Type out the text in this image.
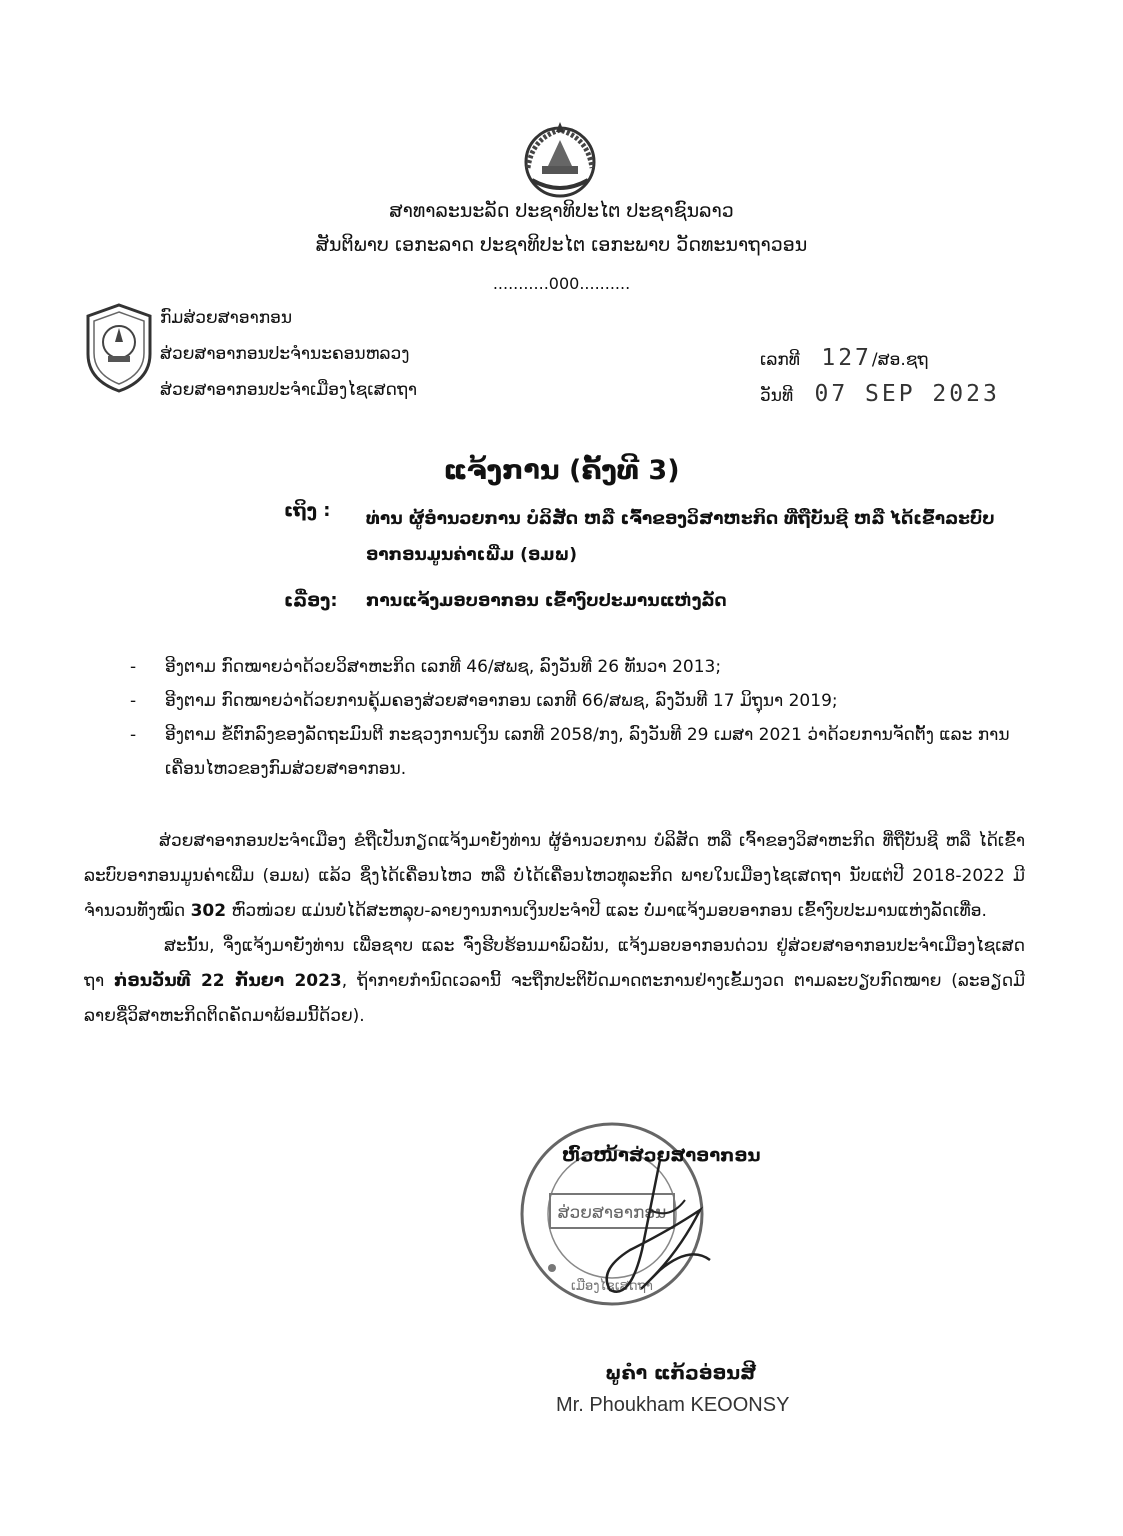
ສາທາລະນະລັດ ປະຊາທິປະໄຕ ປະຊາຊົນລາວ
ສັນຕິພາບ ເອກະລາດ ປະຊາທິປະໄຕ ເອກະພາບ ວັດທະນາຖາວອນ
...........000..........
ກົມສ່ວຍສາອາກອນ
ສ່ວຍສາອາກອນປະຈຳນະຄອນຫລວງ
ສ່ວຍສາອາກອນປະຈຳເມືອງໄຊເສດຖາ
ເລກທີ 127/ສອ.ຊຖ
ວັນທີ 07 SEP 2023
ແຈ້ງການ (ຄັ້ງທີ 3)
ເຖິງ : ທ່ານ ຜູ້ອຳນວຍການ ບໍລິສັດ ຫລື ເຈົ້າຂອງວິສາຫະກິດ ທີ່ຖືບັນຊີ ຫລື ໄດ້ເຂົ້າລະບົບອາກອນມູນຄ່າເພີ່ມ (ອມພ)
ເລື່ອງ: ການແຈ້ງມອບອາກອນ ເຂົ້າງົບປະມານແຫ່ງລັດ
- ອີງຕາມ ກົດໝາຍວ່າດ້ວຍວິສາຫະກິດ ເລກທີ 46/ສພຊ, ລົງວັນທີ 26 ທັນວາ 2013;
- ອີງຕາມ ກົດໝາຍວ່າດ້ວຍການຄຸ້ມຄອງສ່ວຍສາອາກອນ ເລກທີ 66/ສພຊ, ລົງວັນທີ 17 ມິຖຸນາ 2019;
- ອີງຕາມ ຂໍ້ຕົກລົງຂອງລັດຖະມົນຕີ ກະຊວງການເງິນ ເລກທີ 2058/ກງ, ລົງວັນທີ 29 ເມສາ 2021 ວ່າດ້ວຍການຈັດຕັ້ງ ແລະ ການເຄື່ອນໄຫວຂອງກົມສ່ວຍສາອາກອນ.

ສ່ວຍສາອາກອນປະຈຳເມືອງ ຂໍຖືເປັນກຽດແຈ້ງມາຍັງທ່ານ ຜູ້ອຳນວຍການ ບໍລິສັດ ຫລື ເຈົ້າຂອງວິສາຫະກິດ ທີ່ຖືບັນຊີ ຫລື ໄດ້ເຂົ້າລະບົບອາກອນມູນຄ່າເພີ່ມ (ອມພ) ແລ້ວ ຊຶ່ງໄດ້ເຄື່ອນໄຫວ ຫລື ບໍ່ໄດ້ເຄື່ອນໄຫວທຸລະກິດ ພາຍໃນເມືອງໄຊເສດຖາ ນັບແຕ່ປີ 2018-2022 ມີຈຳນວນທັງໝົດ 302 ຫົວໜ່ວຍ ແມ່ນບໍ່ໄດ້ສະຫລຸບ-ລາຍງານການເງິນປະຈຳປີ ແລະ ບໍ່ມາແຈ້ງມອບອາກອນ ເຂົ້າງົບປະມານແຫ່ງລັດເທື່ອ.

ສະນັ້ນ, ຈຶ່ງແຈ້ງມາຍັງທ່ານ ເພື່ອຊາບ ແລະ ຈົ່ງຮີບຮ້ອນມາພົວພັນ, ແຈ້ງມອບອາກອນດ່ວນ ຢູ່ສ່ວຍສາອາກອນປະຈຳເມືອງໄຊເສດຖາ ກ່ອນວັນທີ 22 ກັນຍາ 2023, ຖ້າກາຍກຳນົດເວລານີ້ ຈະຖືກປະຕິບັດມາດຕະການຢ່າງເຂັ້ມງວດ ຕາມລະບຽບກົດໝາຍ (ລະອຽດມີລາຍຊື່ວິສາຫະກິດຕິດຄັດມາພ້ອມນີ້ດ້ວຍ).

ສ່ວຍສາອາກອນ
ເມືອງໄຊເສດຖາ
ຫົວໜ້າສ່ວຍສາອາກອນ
ພູຄຳ ແກ້ວອ່ອນສີ
Mr. Phoukham KEOONSY
